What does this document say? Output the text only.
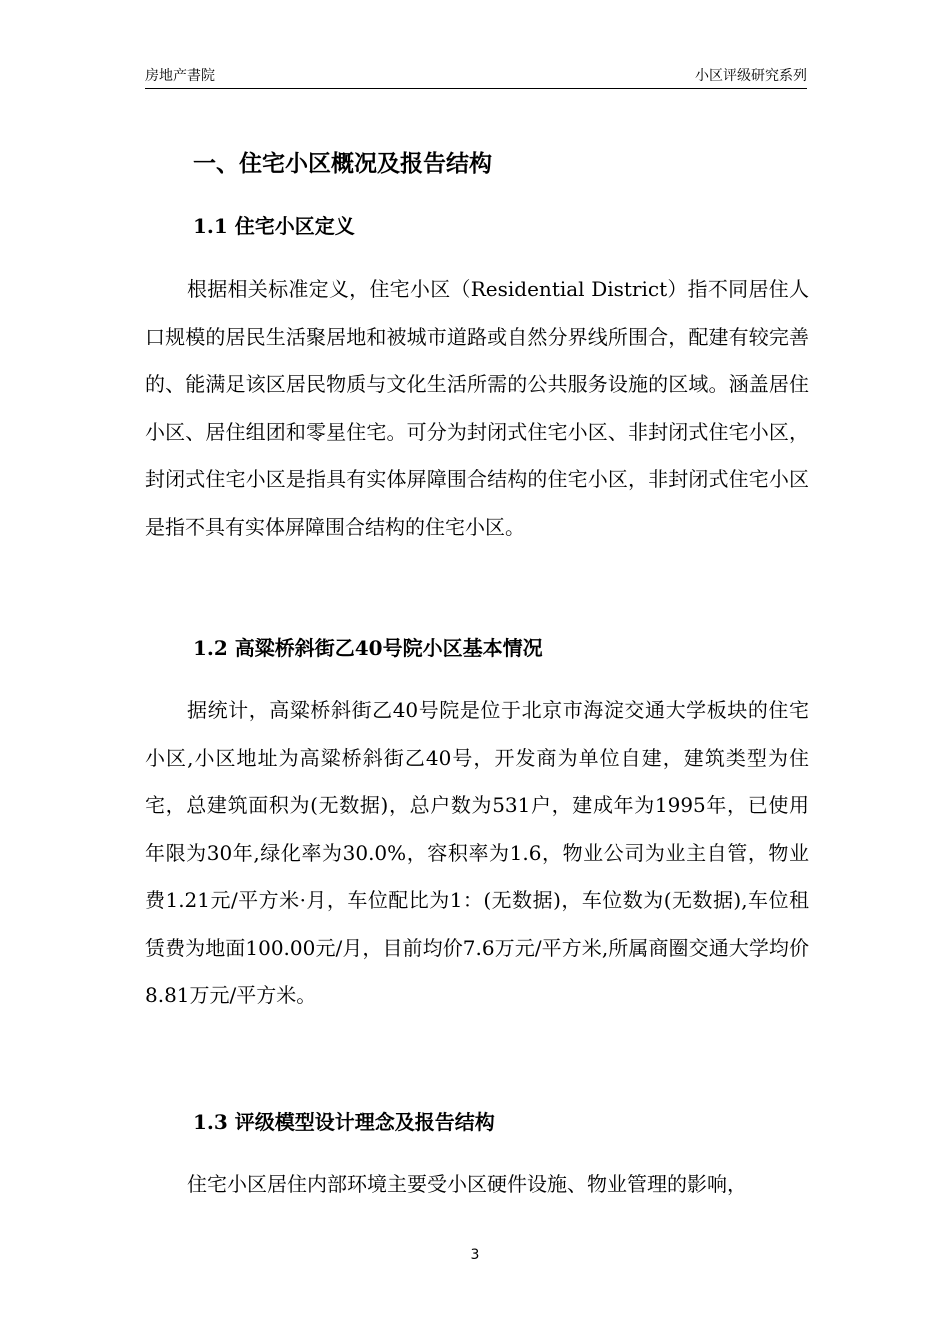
房地产書院	小区评级研究系列
一、住宅小区概况及报告结构
1.1 住宅小区定义

根据相关标准定义，住宅小区（Residential District）指不同居住人口规模的居民生活聚居地和被城市道路或自然分界线所围合，配建有较完善的、能满足该区居民物质与文化生活所需的公共服务设施的区域。涵盖居住小区、居住组团和零星住宅。可分为封闭式住宅小区、非封闭式住宅小区，封闭式住宅小区是指具有实体屏障围合结构的住宅小区，非封闭式住宅小区是指不具有实体屏障围合结构的住宅小区。

1.2 高粱桥斜街乙40号院小区基本情况

据统计，高粱桥斜街乙40号院是位于北京市海淀交通大学板块的住宅小区,小区地址为高粱桥斜街乙40号，开发商为单位自建，建筑类型为住宅，总建筑面积为(无数据)，总户数为531户，建成年为1995年，已使用年限为30年,绿化率为30.0%，容积率为1.6，物业公司为业主自管，物业费1.21元/平方米·月，车位配比为1：(无数据)，车位数为(无数据),车位租赁费为地面100.00元/月，目前均价7.6万元/平方米,所属商圈交通大学均价8.81万元/平方米。

1.3 评级模型设计理念及报告结构

住宅小区居住内部环境主要受小区硬件设施、物业管理的影响，

3
